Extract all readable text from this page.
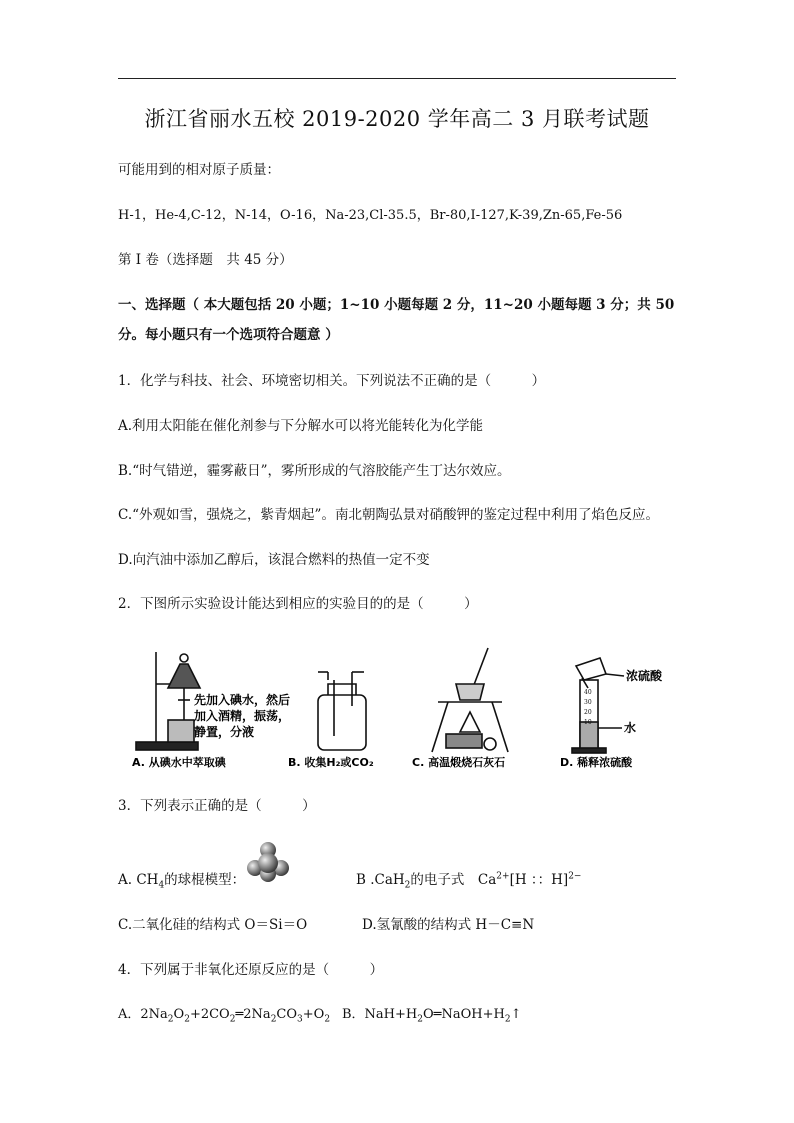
浙江省丽水五校 2019-2020 学年高二 3 月联考试题
可能用到的相对原子质量：
H-1，He-4,C-12，N-14，O-16，Na-23,Cl-35.5，Br-80,I-127,K-39,Zn-65,Fe-56
第 I 卷（选择题　共 45 分）
一、选择题（ 本大题包括 20 小题；1~10 小题每题 2 分，11~20 小题每题 3 分；共 50
分。每小题只有一个选项符合题意 ）
1．化学与科技、社会、环境密切相关。下列说法不正确的是（　　　）
A.利用太阳能在催化剂参与下分解水可以将光能转化为化学能
B.“时气错逆，霾雾蔽日”，雾所形成的气溶胶能产生丁达尔效应。
C.“外观如雪，强烧之，紫青烟起”。南北朝陶弘景对硝酸钾的鉴定过程中利用了焰色反应。
D.向汽油中添加乙醇后，该混合燃料的热值一定不变
2．下图所示实验设计能达到相应的实验目的的是（　　　）
先加入碘水，然后
加入酒精，振荡，
静置，分液
A. 从碘水中萃取碘	B. 收集H₂或CO₂	C. 高温煅烧石灰石
40
30
20
10
浓硫酸
水
D. 稀释浓硫酸
3．下列表示正确的是（　　　）
A. $CH_4$的球棍模型：	B .CaH$_2$的电子式　$Ca^{2+}[H$ ：：H]$^{2-}$
C.二氧化硅的结构式 O＝Si＝O	D.氢氰酸的结构式 H－C≡N
4．下列属于非氧化还原反应的是（　　　）
A．$2Na_2O_2+2CO_2═2Na_2CO_3+O_2$ B．$NaH+H_2O═NaOH+H_2↑$
